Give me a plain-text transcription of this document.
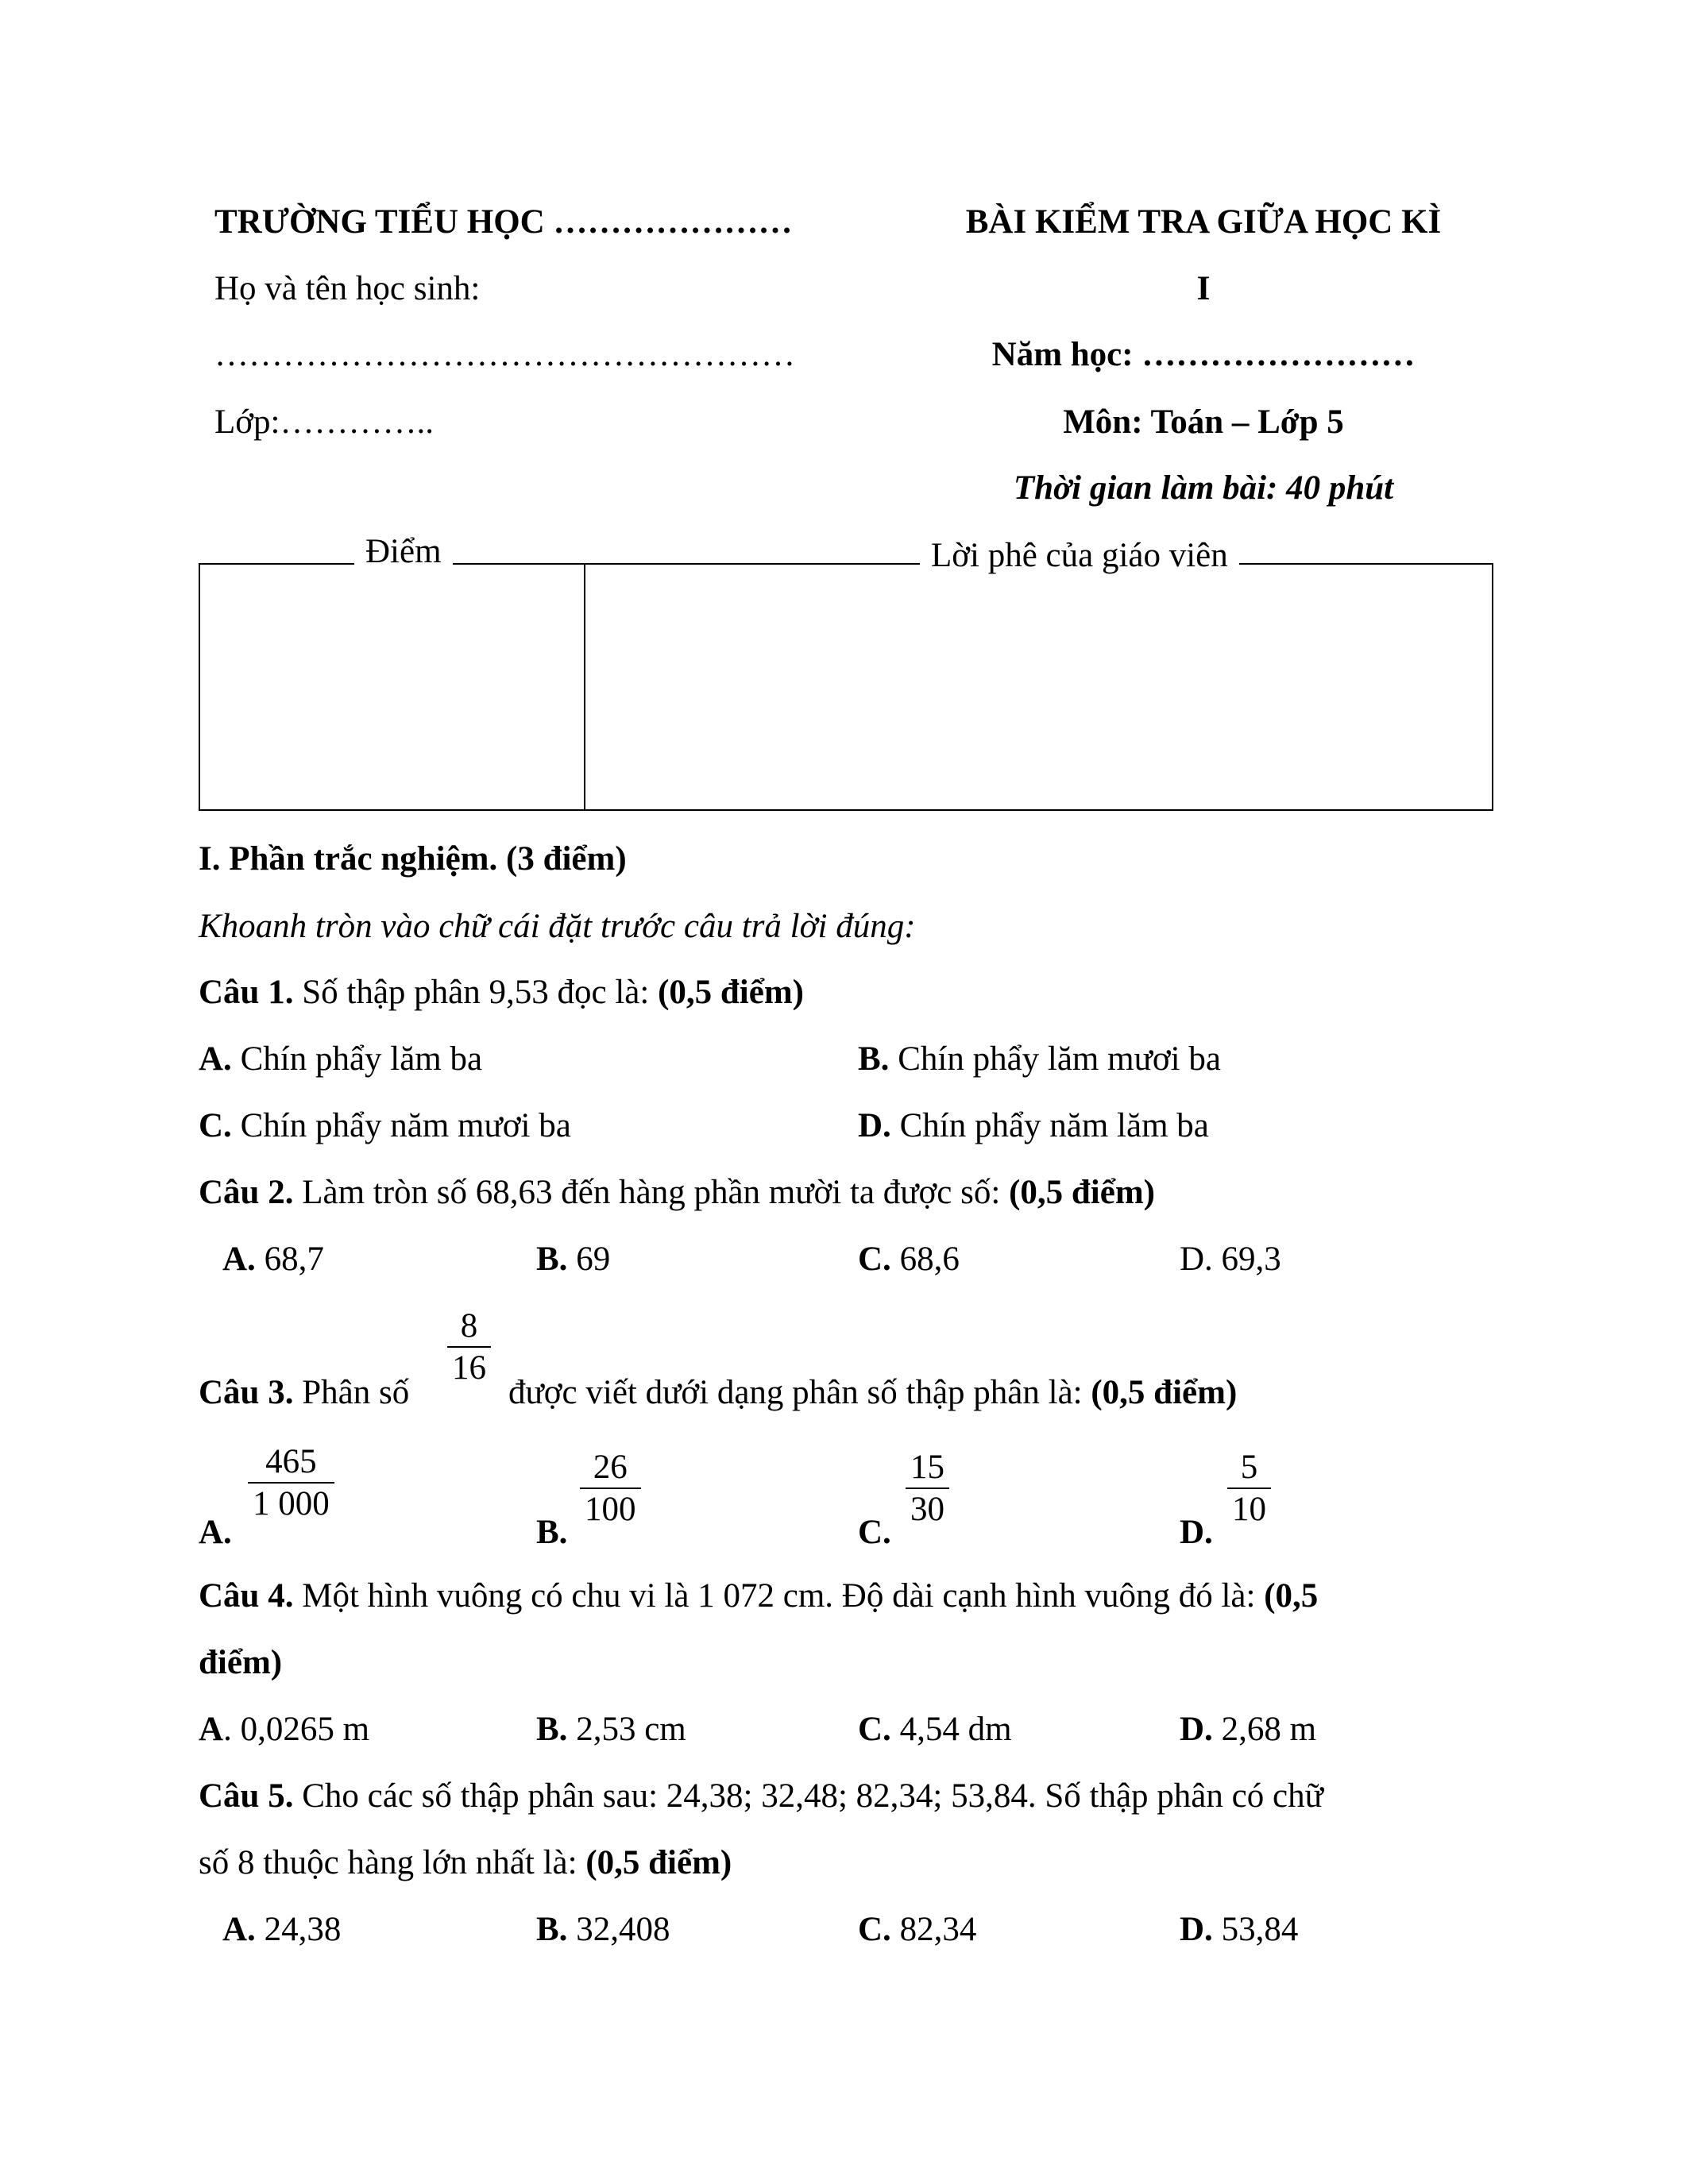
TRƯỜNG TIỂU HỌC …………………
Họ và tên học sinh:
……………………………………………
Lớp:…………..
BÀI KIỂM TRA GIỮA HỌC KÌ
I
Năm học: ……………………
Môn: Toán – Lớp 5
Thời gian làm bài: 40 phút
Điểm	Lời phê của giáo viên
I. Phần trắc nghiệm. (3 điểm)
Khoanh tròn vào chữ cái đặt trước câu trả lời đúng:
Câu 1. Số thập phân 9,53 đọc là: (0,5 điểm)
A. Chín phẩy lăm ba	B. Chín phẩy lăm mươi ba
C. Chín phẩy năm mươi ba	D. Chín phẩy năm lăm ba
Câu 2. Làm tròn số 68,63 đến hàng phần mười ta được số: (0,5 điểm)
A. 68,7	B. 69	C. 68,6	D. 69,3
Câu 3. Phân số
8
16
được viết dưới dạng phân số thập phân là: (0,5 điểm)
A.
465
1 000
B.
26
100
C.
15
30
D.
5
10
Câu 4. Một hình vuông có chu vi là 1 072 cm. Độ dài cạnh hình vuông đó là: (0,5
điểm)
A. 0,0265 m	B. 2,53 cm	C. 4,54 dm	D. 2,68 m
Câu 5. Cho các số thập phân sau: 24,38; 32,48; 82,34; 53,84. Số thập phân có chữ
số 8 thuộc hàng lớn nhất là: (0,5 điểm)
A. 24,38	B. 32,408	C. 82,34	D. 53,84
